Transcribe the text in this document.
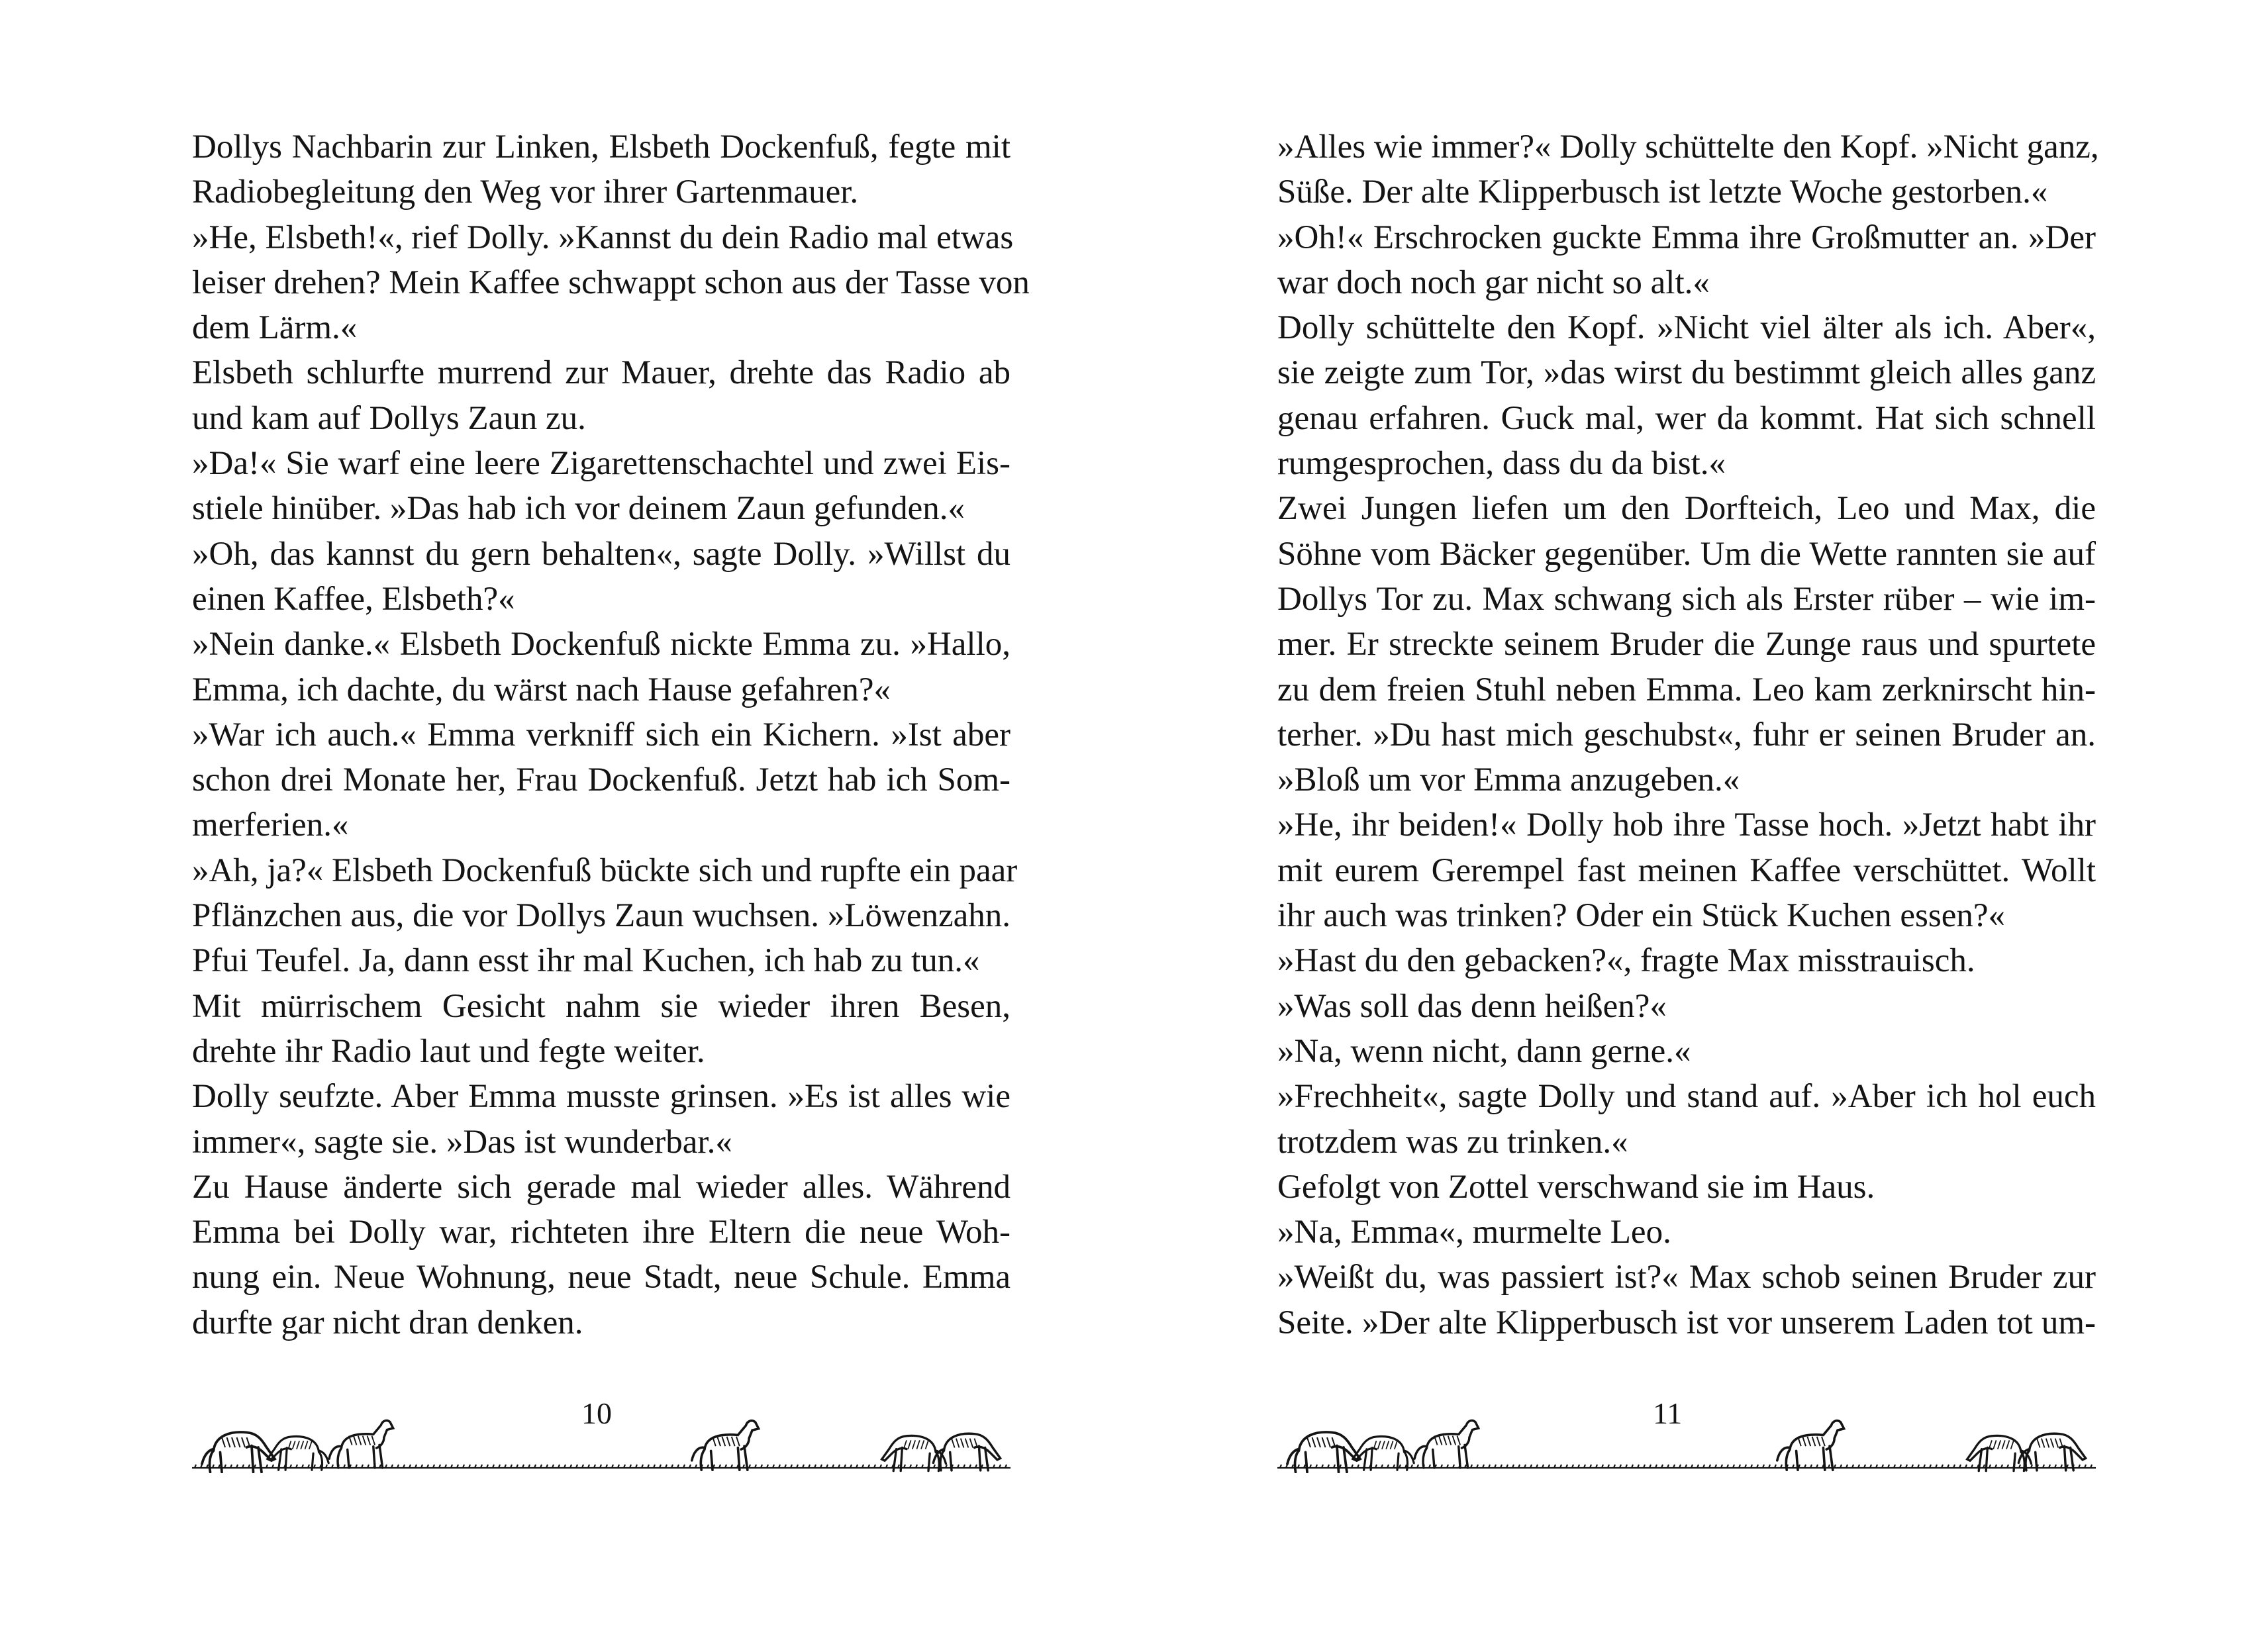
Dollys Nachbarin zur Linken, Elsbeth Dockenfuß, fegte mit
Radiobegleitung den Weg vor ihrer Gartenmauer.
»He, Elsbeth!«, rief Dolly. »Kannst du dein Radio mal etwas
leiser drehen? Mein Kaffee schwappt schon aus der Tasse von
dem Lärm.«
Elsbeth schlurfte murrend zur Mauer, drehte das Radio ab
und kam auf Dollys Zaun zu.
»Da!« Sie warf eine leere Zigarettenschachtel und zwei Eis-
stiele hinüber. »Das hab ich vor deinem Zaun gefunden.«
»Oh, das kannst du gern behalten«, sagte Dolly. »Willst du
einen Kaffee, Elsbeth?«
»Nein danke.« Elsbeth Dockenfuß nickte Emma zu. »Hallo,
Emma, ich dachte, du wärst nach Hause gefahren?«
»War ich auch.« Emma verkniff sich ein Kichern. »Ist aber
schon drei Monate her, Frau Dockenfuß. Jetzt hab ich Som-
merferien.«
»Ah, ja?« Elsbeth Dockenfuß bückte sich und rupfte ein paar
Pflänzchen aus, die vor Dollys Zaun wuchsen. »Löwenzahn.
Pfui Teufel. Ja, dann esst ihr mal Kuchen, ich hab zu tun.«
Mit mürrischem Gesicht nahm sie wieder ihren Besen,
drehte ihr Radio laut und fegte weiter.
Dolly seufzte. Aber Emma musste grinsen. »Es ist alles wie
immer«, sagte sie. »Das ist wunderbar.«
Zu Hause änderte sich gerade mal wieder alles. Während
Emma bei Dolly war, richteten ihre Eltern die neue Woh-
nung ein. Neue Wohnung, neue Stadt, neue Schule. Emma
durfte gar nicht dran denken.
10
»Alles wie immer?« Dolly schüttelte den Kopf. »Nicht ganz,
Süße. Der alte Klipperbusch ist letzte Woche gestorben.«
»Oh!« Erschrocken guckte Emma ihre Großmutter an. »Der
war doch noch gar nicht so alt.«
Dolly schüttelte den Kopf. »Nicht viel älter als ich. Aber«,
sie zeigte zum Tor, »das wirst du bestimmt gleich alles ganz
genau erfahren. Guck mal, wer da kommt. Hat sich schnell
rumgesprochen, dass du da bist.«
Zwei Jungen liefen um den Dorfteich, Leo und Max, die
Söhne vom Bäcker gegenüber. Um die Wette rannten sie auf
Dollys Tor zu. Max schwang sich als Erster rüber – wie im-
mer. Er streckte seinem Bruder die Zunge raus und spurtete
zu dem freien Stuhl neben Emma. Leo kam zerknirscht hin-
terher. »Du hast mich geschubst«, fuhr er seinen Bruder an.
»Bloß um vor Emma anzugeben.«
»He, ihr beiden!« Dolly hob ihre Tasse hoch. »Jetzt habt ihr
mit eurem Gerempel fast meinen Kaffee verschüttet. Wollt
ihr auch was trinken? Oder ein Stück Kuchen essen?«
»Hast du den gebacken?«, fragte Max misstrauisch.
»Was soll das denn heißen?«
»Na, wenn nicht, dann gerne.«
»Frechheit«, sagte Dolly und stand auf. »Aber ich hol euch
trotzdem was zu trinken.«
Gefolgt von Zottel verschwand sie im Haus.
»Na, Emma«, murmelte Leo.
»Weißt du, was passiert ist?« Max schob seinen Bruder zur
Seite. »Der alte Klipperbusch ist vor unserem Laden tot um-
11
